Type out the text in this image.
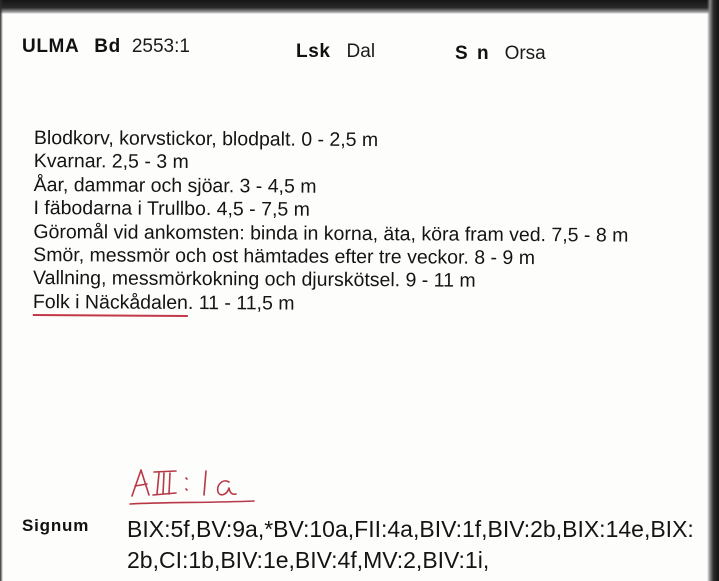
ULMA Bd 2553:1	Lsk Dal	S n Orsa
Blodkorv, korvstickor, blodpalt. 0 - 2,5 m
Kvarnar. 2,5 - 3 m
Åar, dammar och sjöar. 3 - 4,5 m
I fäbodarna i Trullbo. 4,5 - 7,5 m
Göromål vid ankomsten: binda in korna, äta, köra fram ved. 7,5 - 8 m
Smör, messmör och ost hämtades efter tre veckor. 8 - 9 m
Vallning, messmörkokning och djurskötsel. 9 - 11 m
Folk i Näckådalen. 11 - 11,5 m
Signum BIX:5f,BV:9a,*BV:10a,FII:4a,BIV:1f,BIV:2b,BIX:14e,BIX:2b,CI:1b,BIV:1e,BIV:4f,MV:2,BIV:1i,
